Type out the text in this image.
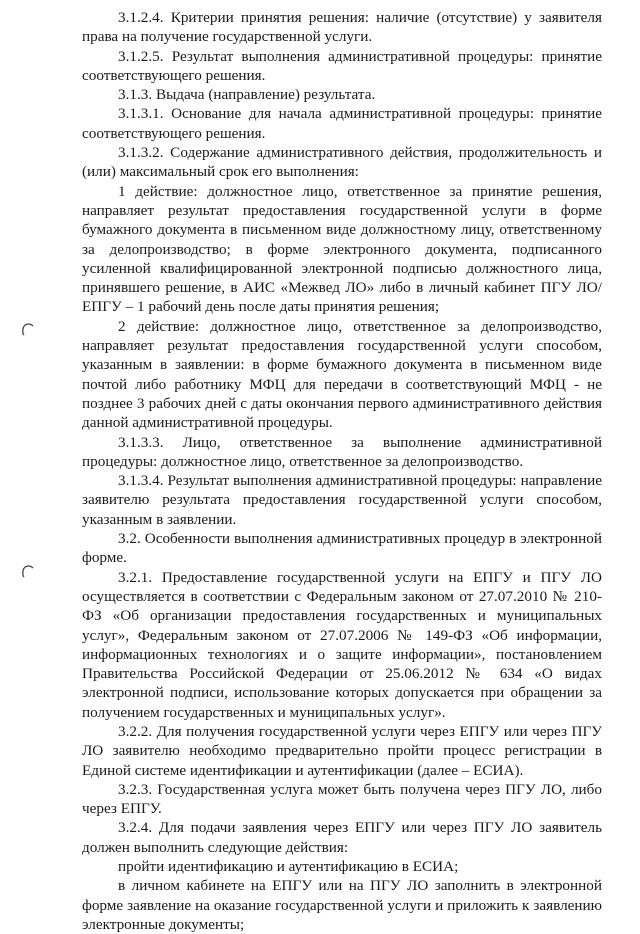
3.1.2.4. Критерии принятия решения: наличие (отсутствие) у заявителя права на получение государственной услуги.

3.1.2.5. Результат выполнения административной процедуры: принятие соответствующего решения.

3.1.3. Выдача (направление) результата.

3.1.3.1. Основание для начала административной процедуры: принятие соответствующего решения.

3.1.3.2. Содержание административного действия, продолжительность и (или) максимальный срок его выполнения:

1 действие: должностное лицо, ответственное за принятие решения, направляет результат предоставления государственной услуги в форме бумажного документа в письменном виде должностному лицу, ответственному за делопроизводство; в форме электронного документа, подписанного усиленной квалифицированной электронной подписью должностного лица, принявшего решение, в АИС «Межвед ЛО» либо в личный кабинет ПГУ ЛО/ЕПГУ – 1 рабочий день после даты принятия решения;

2 действие: должностное лицо, ответственное за делопроизводство, направляет результат предоставления государственной услуги способом, указанным в заявлении: в форме бумажного документа в письменном виде почтой либо работнику МФЦ для передачи в соответствующий МФЦ - не позднее 3 рабочих дней с даты окончания первого административного действия данной административной процедуры.

3.1.3.3. Лицо, ответственное за выполнение административной процедуры: должностное лицо, ответственное за делопроизводство.

3.1.3.4. Результат выполнения административной процедуры: направление заявителю результата предоставления государственной услуги способом, указанным в заявлении.

3.2. Особенности выполнения административных процедур в электронной форме.

3.2.1. Предоставление государственной услуги на ЕПГУ и ПГУ ЛО осуществляется в соответствии с Федеральным законом от 27.07.2010 № 210-ФЗ «Об организации предоставления государственных и муниципальных услуг», Федеральным законом от 27.07.2006 № 149-ФЗ «Об информации, информационных технологиях и о защите информации», постановлением Правительства Российской Федерации от 25.06.2012 № 634 «О видах электронной подписи, использование которых допускается при обращении за получением государственных и муниципальных услуг».

3.2.2. Для получения государственной услуги через ЕПГУ или через ПГУ ЛО заявителю необходимо предварительно пройти процесс регистрации в Единой системе идентификации и аутентификации (далее – ЕСИА).

3.2.3. Государственная услуга может быть получена через ПГУ ЛО, либо через ЕПГУ.

3.2.4. Для подачи заявления через ЕПГУ или через ПГУ ЛО заявитель должен выполнить следующие действия:

пройти идентификацию и аутентификацию в ЕСИА;

в личном кабинете на ЕПГУ или на ПГУ ЛО заполнить в электронной форме заявление на оказание государственной услуги и приложить к заявлению электронные документы;
